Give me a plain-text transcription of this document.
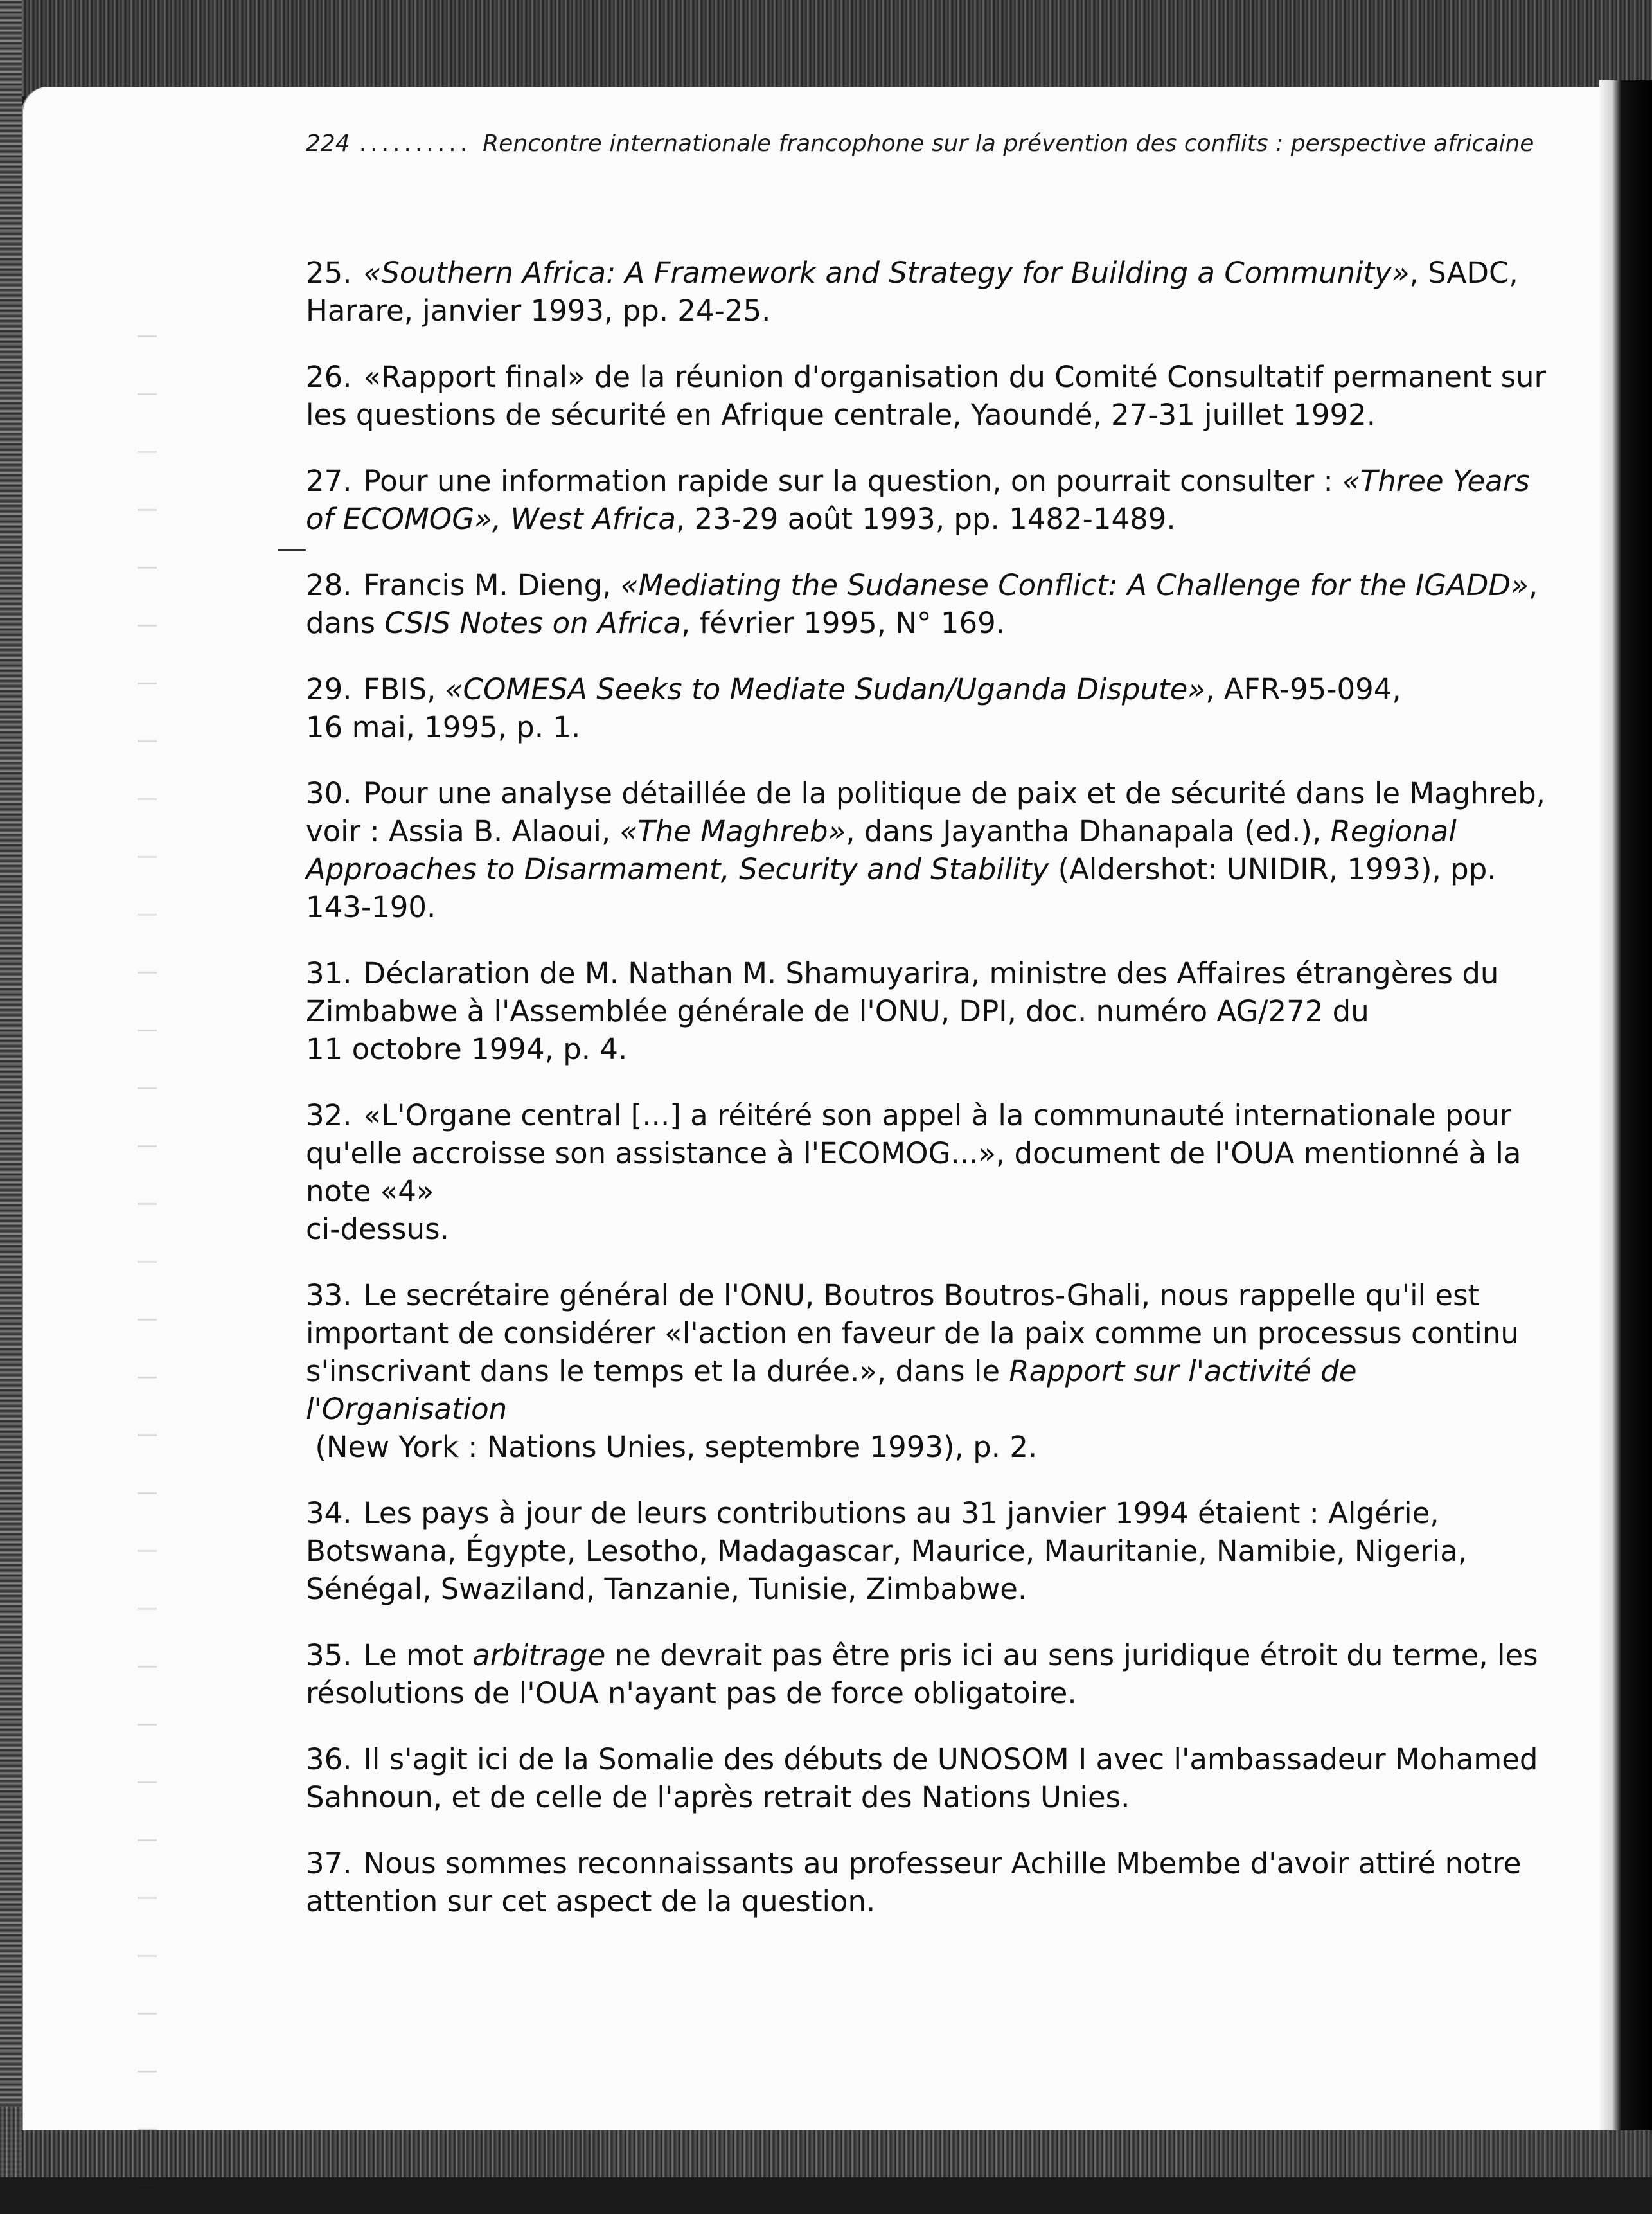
224 .......... Rencontre internationale francophone sur la prévention des conflits : perspective africaine

25. «Southern Africa: A Framework and Strategy for Building a Community», SADC, Harare, janvier 1993, pp. 24-25.

26. «Rapport final» de la réunion d'organisation du Comité Consultatif permanent sur les questions de sécurité en Afrique centrale, Yaoundé, 27-31 juillet 1992.

27. Pour une information rapide sur la question, on pourrait consulter : «Three Years of ECOMOG», West Africa, 23-29 août 1993, pp. 1482-1489.

28. Francis M. Dieng, «Mediating the Sudanese Conflict: A Challenge for the IGADD», dans CSIS Notes on Africa, février 1995, N° 169.

29. FBIS, «COMESA Seeks to Mediate Sudan/Uganda Dispute», AFR-95-094,

16 mai, 1995, p. 1.

30. Pour une analyse détaillée de la politique de paix et de sécurité dans le Maghreb, voir : Assia B. Alaoui, «The Maghreb», dans Jayantha Dhanapala (ed.), Regional Approaches to Disarmament, Security and Stability (Aldershot: UNIDIR, 1993), pp. 143-190.

31. Déclaration de M. Nathan M. Shamuyarira, ministre des Affaires étrangères du Zimbabwe à l'Assemblée générale de l'ONU, DPI, doc. numéro AG/272 du

11 octobre 1994, p. 4.

32. «L'Organe central [...] a réitéré son appel à la communauté internationale pour qu'elle accroisse son assistance à l'ECOMOG...», document de l'OUA mentionné à la note «4»

ci-dessus.

33. Le secrétaire général de l'ONU, Boutros Boutros-Ghali, nous rappelle qu'il est important de considérer «l'action en faveur de la paix comme un processus continu s'inscrivant dans le temps et la durée.», dans le Rapport sur l'activité de l'Organisation

(New York : Nations Unies, septembre 1993), p. 2.

34. Les pays à jour de leurs contributions au 31 janvier 1994 étaient : Algérie, Botswana, Égypte, Lesotho, Madagascar, Maurice, Mauritanie, Namibie, Nigeria, Sénégal, Swaziland, Tanzanie, Tunisie, Zimbabwe.

35. Le mot arbitrage ne devrait pas être pris ici au sens juridique étroit du terme, les résolutions de l'OUA n'ayant pas de force obligatoire.

36. Il s'agit ici de la Somalie des débuts de UNOSOM I avec l'ambassadeur Mohamed Sahnoun, et de celle de l'après retrait des Nations Unies.

37. Nous sommes reconnaissants au professeur Achille Mbembe d'avoir attiré notre attention sur cet aspect de la question.
